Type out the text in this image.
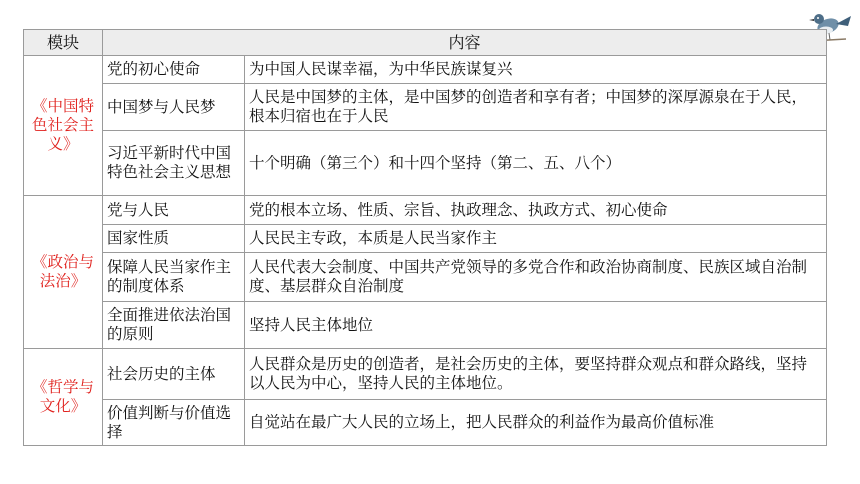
模块	内容	
《中国特色社会主义》	党的初心使命	为中国人民谋幸福，为中华民族谋复兴
	中国梦与人民梦	人民是中国梦的主体，是中国梦的创造者和享有者；中国梦的深厚源泉在于人民，根本归宿也在于人民
	习近平新时代中国特色社会主义思想	十个明确（第三个）和十四个坚持（第二、五、八个）
《政治与法治》	党与人民	党的根本立场、性质、宗旨、执政理念、执政方式、初心使命
	国家性质	人民民主专政，本质是人民当家作主
	保障人民当家作主的制度体系	人民代表大会制度、中国共产党领导的多党合作和政治协商制度、民族区域自治制度、基层群众自治制度
	全面推进依法治国的原则	坚持人民主体地位
《哲学与文化》	社会历史的主体	人民群众是历史的创造者，是社会历史的主体，要坚持群众观点和群众路线，坚持以人民为中心，坚持人民的主体地位。
	价值判断与价值选择	自觉站在最广大人民的立场上，把人民群众的利益作为最高价值标准
